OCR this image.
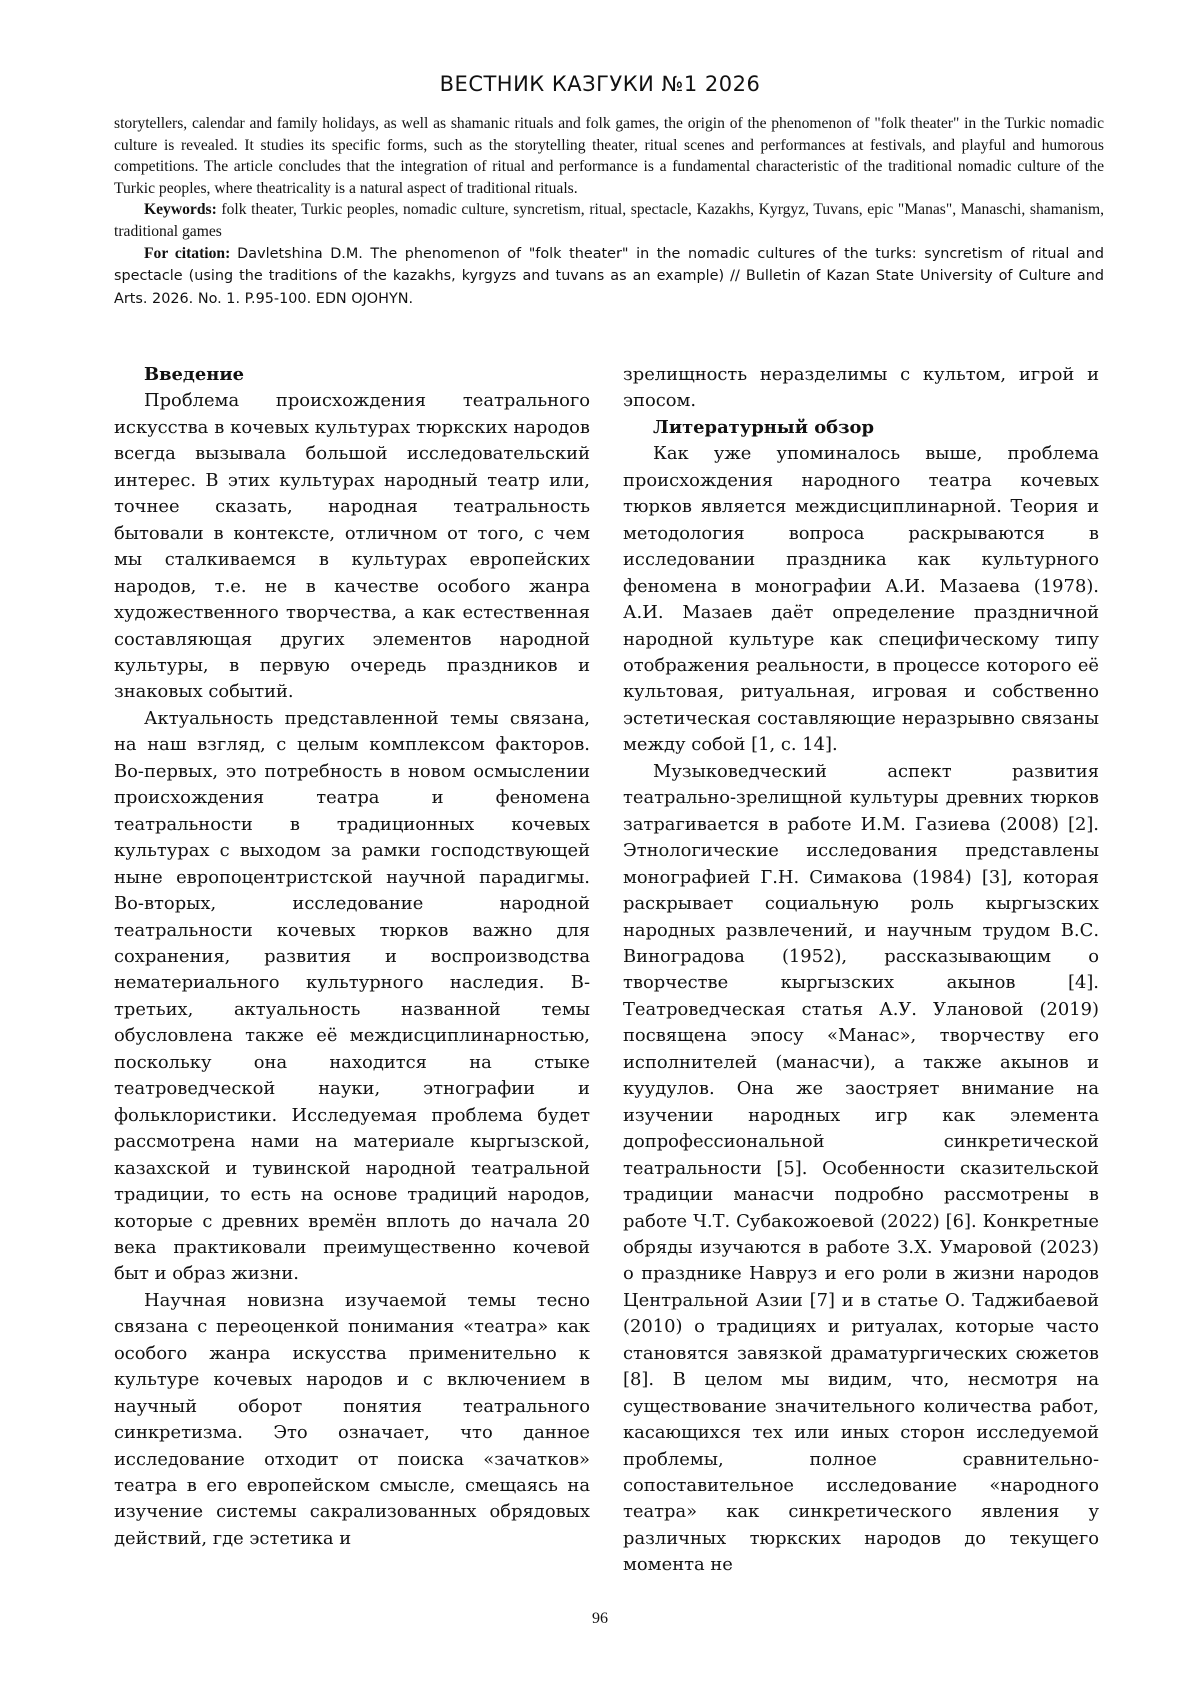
ВЕСТНИК КАЗГУКИ №1 2026

storytellers, calendar and family holidays, as well as shamanic rituals and folk games, the origin of the phenomenon of "folk theater" in the Turkic nomadic culture is revealed. It studies its specific forms, such as the storytelling theater, ritual scenes and performances at festivals, and playful and humorous competitions. The article concludes that the integration of ritual and performance is a fundamental characteristic of the traditional nomadic culture of the Turkic peoples, where theatricality is a natural aspect of traditional rituals.

Keywords: folk theater, Turkic peoples, nomadic culture, syncretism, ritual, spectacle, Kazakhs, Kyrgyz, Tuvans, epic "Manas", Manaschi, shamanism, traditional games

For citation: Davletshina D.M. The phenomenon of "folk theater" in the nomadic cultures of the turks: syncretism of ritual and spectacle (using the traditions of the kazakhs, kyrgyzs and tuvans as an example) // Bulletin of Kazan State University of Culture and Arts. 2026. No. 1. P.95-100. EDN OJOHYN.

Введение

Проблема происхождения театрального искусства в кочевых культурах тюркских народов всегда вызывала большой исследовательский интерес. В этих культурах народный театр или, точнее сказать, народная театральность бытовали в контексте, отличном от того, с чем мы сталкиваемся в культурах европейских народов, т.е. не в качестве особого жанра художественного творчества, а как естественная составляющая других элементов народной культуры, в первую очередь праздников и знаковых событий.

Актуальность представленной темы связана, на наш взгляд, с целым комплексом факторов. Во-первых, это потребность в новом осмыслении происхождения театра и феномена театральности в традиционных кочевых культурах с выходом за рамки господствующей ныне европоцентристской научной парадигмы. Во-вторых, исследование народной театральности кочевых тюрков важно для сохранения, развития и воспроизводства нематериального культурного наследия. В-третьих, актуальность названной темы обусловлена также её междисциплинарностью, поскольку она находится на стыке театроведческой науки, этнографии и фольклористики. Исследуемая проблема будет рассмотрена нами на материале кыргызской, казахской и тувинской народной театральной традиции, то есть на основе традиций народов, которые с древних времён вплоть до начала 20 века практиковали преимущественно кочевой быт и образ жизни.

Научная новизна изучаемой темы тесно связана с переоценкой понимания «театра» как особого жанра искусства применительно к культуре кочевых народов и с включением в научный оборот понятия театрального синкретизма. Это означает, что данное исследование отходит от поиска «зачатков» театра в его европейском смысле, смещаясь на изучение системы сакрализованных обрядовых действий, где эстетика и

зрелищность неразделимы с культом, игрой и эпосом.

Литературный обзор

Как уже упоминалось выше, проблема происхождения народного театра кочевых тюрков является междисциплинарной. Теория и методология вопроса раскрываются в исследовании праздника как культурного феномена в монографии А.И. Мазаева (1978). А.И. Мазаев даёт определение праздничной народной культуре как специфическому типу отображения реальности, в процессе которого её культовая, ритуальная, игровая и собственно эстетическая составляющие неразрывно связаны между собой [1, с. 14].

Музыковедческий аспект развития театрально-зрелищной культуры древних тюрков затрагивается в работе И.М. Газиева (2008) [2]. Этнологические исследования представлены монографией Г.Н. Симакова (1984) [3], которая раскрывает социальную роль кыргызских народных развлечений, и научным трудом В.С. Виноградова (1952), рассказывающим о творчестве кыргызских акынов [4]. Театроведческая статья А.У. Улановой (2019) посвящена эпосу «Манас», творчеству его исполнителей (манасчи), а также акынов и куудулов. Она же заостряет внимание на изучении народных игр как элемента допрофессиональной синкретической театральности [5]. Особенности сказительской традиции манасчи подробно рассмотрены в работе Ч.Т. Субакожоевой (2022) [6]. Конкретные обряды изучаются в работе З.Х. Умаровой (2023) о празднике Навруз и его роли в жизни народов Центральной Азии [7] и в статье О. Таджибаевой (2010) о традициях и ритуалах, которые часто становятся завязкой драматургических сюжетов [8]. В целом мы видим, что, несмотря на существование значительного количества работ, касающихся тех или иных сторон исследуемой проблемы, полное сравнительно-сопоставительное исследование «народного театра» как синкретического явления у различных тюркских народов до текущего момента не

96
